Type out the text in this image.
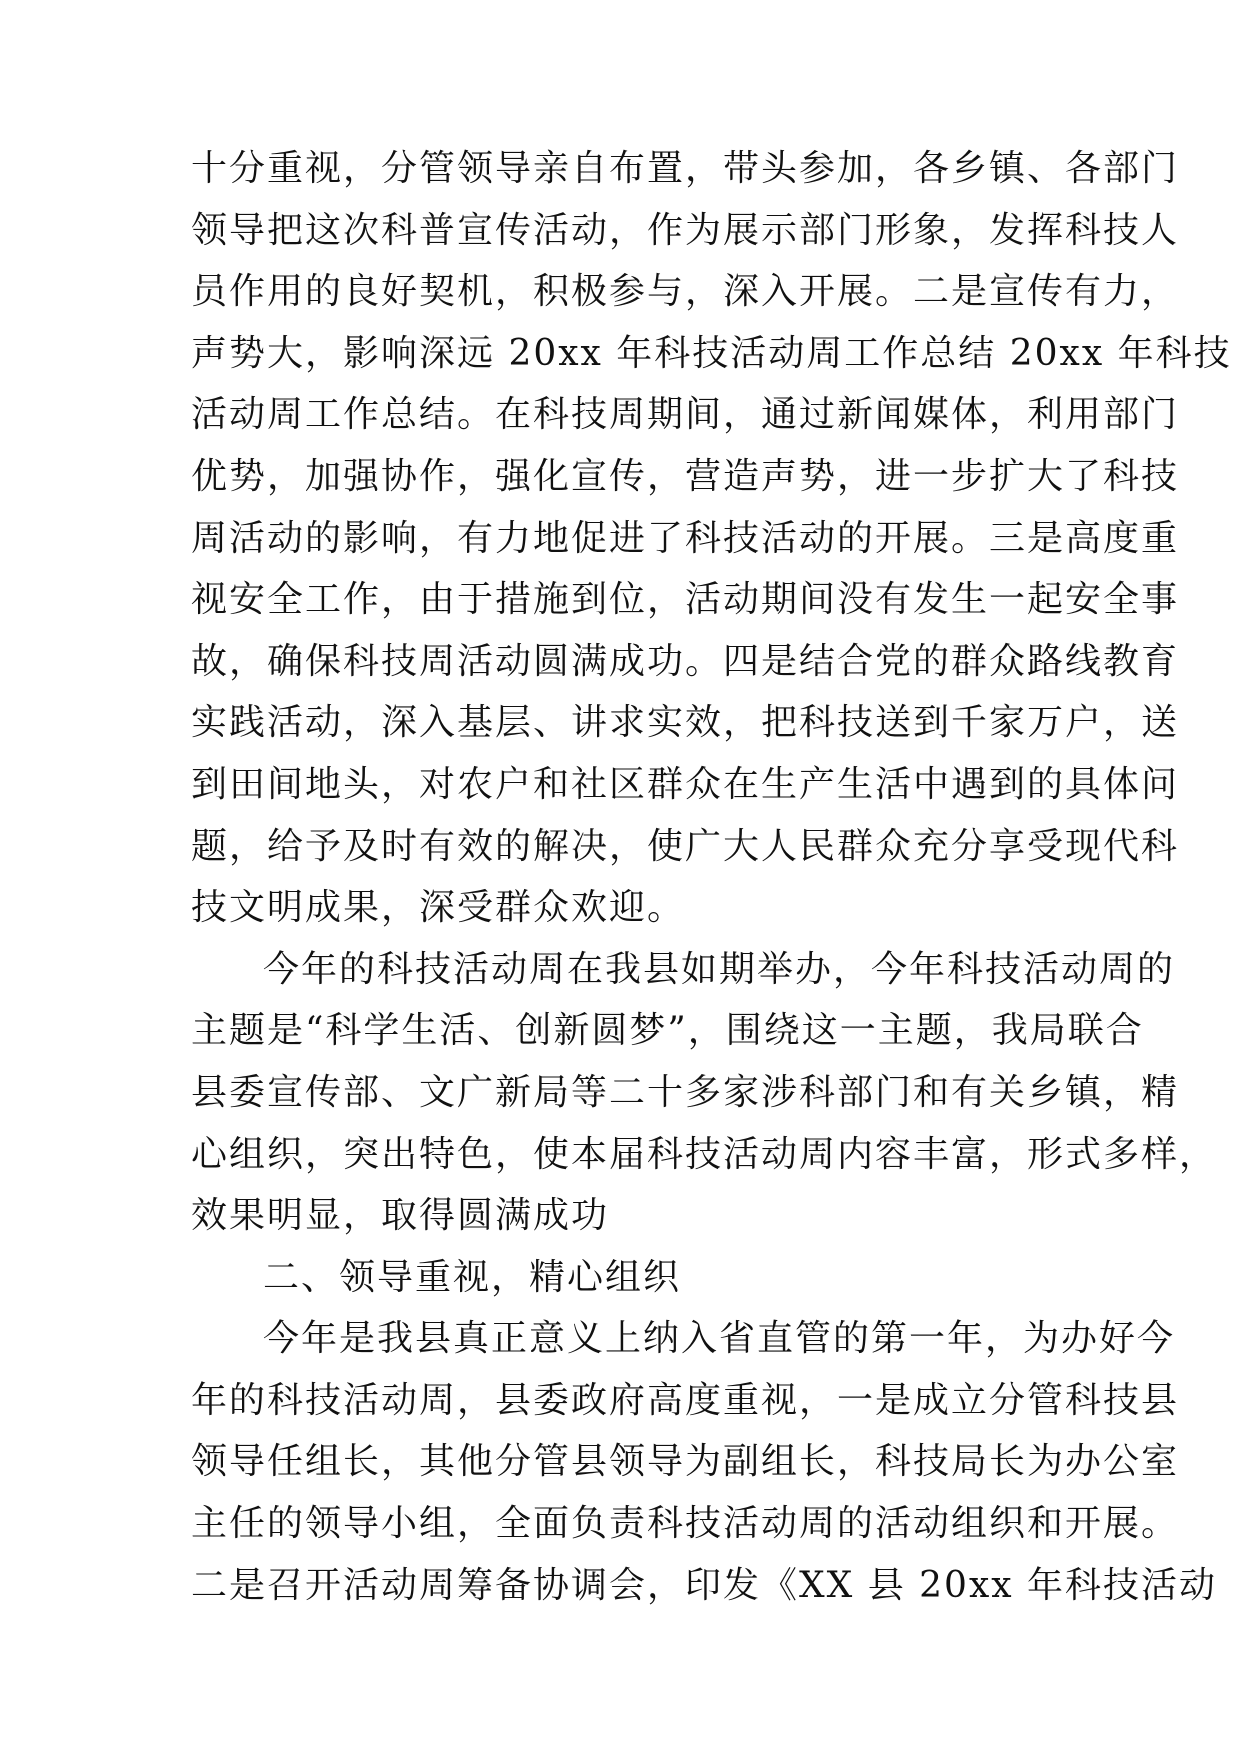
十分重视，分管领导亲自布置，带头参加，各乡镇、各部门
领导把这次科普宣传活动，作为展示部门形象，发挥科技人
员作用的良好契机，积极参与，深入开展。二是宣传有力，
声势大，影响深远 20xx 年科技活动周工作总结 20xx 年科技
活动周工作总结。在科技周期间，通过新闻媒体，利用部门
优势，加强协作，强化宣传，营造声势，进一步扩大了科技
周活动的影响，有力地促进了科技活动的开展。三是高度重
视安全工作，由于措施到位，活动期间没有发生一起安全事
故，确保科技周活动圆满成功。四是结合党的群众路线教育
实践活动，深入基层、讲求实效，把科技送到千家万户，送
到田间地头，对农户和社区群众在生产生活中遇到的具体问
题，给予及时有效的解决，使广大人民群众充分享受现代科
技文明成果，深受群众欢迎。
今年的科技活动周在我县如期举办，今年科技活动周的
主题是“科学生活、创新圆梦”，围绕这一主题，我局联合
县委宣传部、文广新局等二十多家涉科部门和有关乡镇，精
心组织，突出特色，使本届科技活动周内容丰富，形式多样，
效果明显，取得圆满成功
二、领导重视，精心组织
今年是我县真正意义上纳入省直管的第一年，为办好今
年的科技活动周，县委政府高度重视，一是成立分管科技县
领导任组长，其他分管县领导为副组长，科技局长为办公室
主任的领导小组，全面负责科技活动周的活动组织和开展。
二是召开活动周筹备协调会，印发《XX 县 20xx 年科技活动
